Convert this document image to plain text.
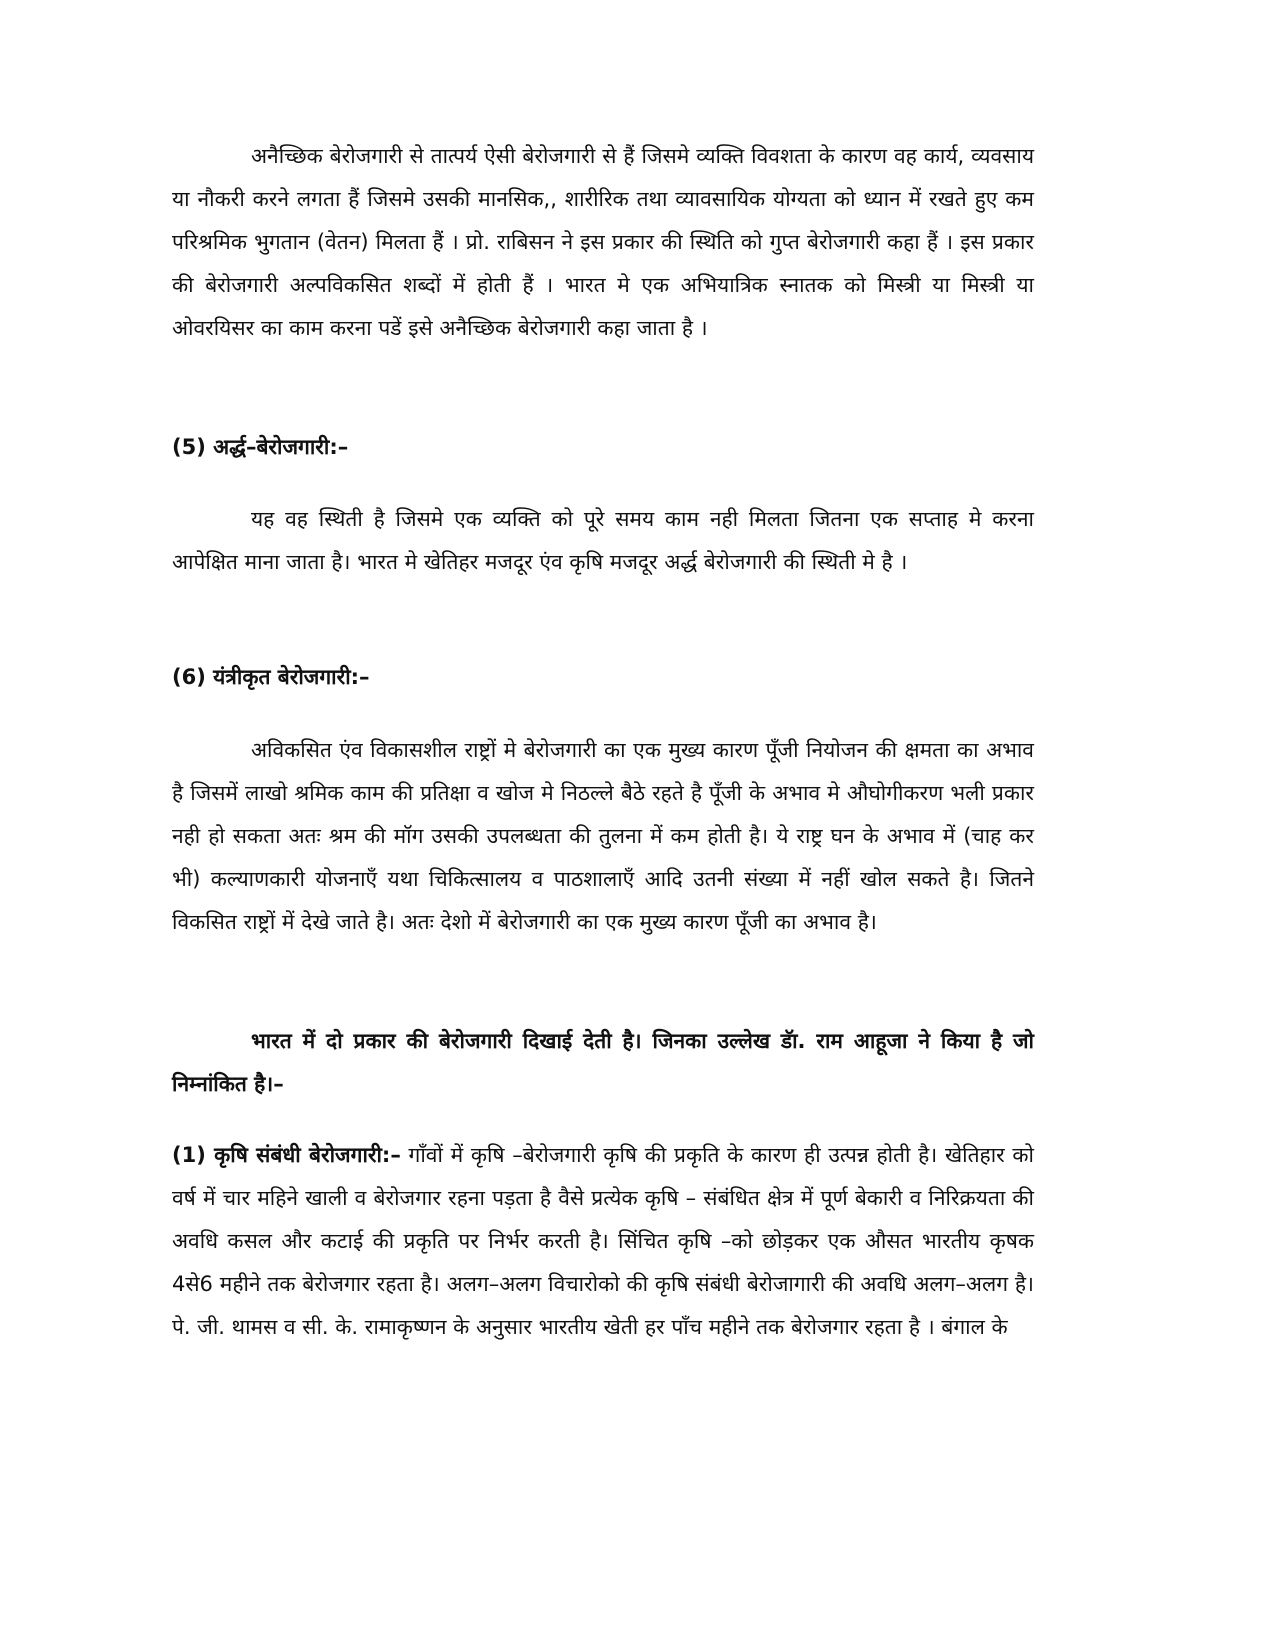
अनैच्छिक बेरोजगारी से तात्पर्य ऐसी बेरोजगारी से हैं जिसमे व्यक्ति विवशता के कारण वह कार्य, व्यवसाय या नौकरी करने लगता हैं जिसमे उसकी मानसिक,, शारीरिक तथा व्यावसायिक योग्यता को ध्यान में रखते हुए कम परिश्रमिक भुगतान (वेतन) मिलता हैं । प्रो. राबिसन ने इस प्रकार की स्थिति को गुप्त बेरोजगारी कहा हैं । इस प्रकार की बेरोजगारी अल्पविकसित शब्दों में होती हैं । भारत मे एक अभियात्रिक स्नातक को मिस्त्री या मिस्त्री या ओवरयिसर का काम करना पडें इसे अनैच्छिक बेरोजगारी कहा जाता है ।

(5) अर्द्ध–बेरोजगारी:–

यह वह स्थिती है जिसमे एक व्यक्ति को पूरे समय काम नही मिलता जितना एक सप्ताह मे करना आपेक्षित माना जाता है। भारत मे खेतिहर मजदूर एंव कृषि मजदूर अर्द्ध बेरोजगारी की स्थिती मे है ।

(6) यंत्रीकृत बेरोजगारी:–

अविकसित एंव विकासशील राष्ट्रों मे बेरोजगारी का एक मुख्य कारण पूँजी नियोजन की क्षमता का अभाव है जिसमें लाखो श्रमिक काम की प्रतिक्षा व खोज मे निठल्ले बैठे रहते है पूँजी के अभाव मे औघोगीकरण भली प्रकार नही हो सकता अतः श्रम की मॉग उसकी उपलब्धता की तुलना में कम होती है। ये राष्ट्र घन के अभाव में (चाह कर भी) कल्याणकारी योजनाएँ यथा चिकित्सालय व पाठशालाएँ आदि उतनी संख्या में नहीं खोल सकते है। जितने विकसित राष्ट्रों में देखे जाते है। अतः देशो में बेरोजगारी का एक मुख्य कारण पूँजी का अभाव है।

भारत में दो प्रकार की बेरोजगारी दिखाई देती है। जिनका उल्लेख डॅा. राम आहूजा ने किया है जो निम्नांकित है।–

(1) कृषि संबंधी बेरोजगारी:– गाँवों में कृषि –बेरोजगारी कृषि की प्रकृति के कारण ही उत्पन्न होती है। खेतिहार को वर्ष में चार महिने खाली व बेरोजगार रहना पड़ता है वैसे प्रत्येक कृषि – संबंधित क्षेत्र में पूर्ण बेकारी व निरिक्रयता की अवधि कसल और कटाई की प्रकृति पर निर्भर करती है। सिंचित कृषि –को छोड़कर एक औसत भारतीय कृषक 4से6 महीने तक बेरोजगार रहता है। अलग–अलग विचारोको की कृषि संबंधी बेरोजागारी की अवधि अलग–अलग है। पे. जी. थामस व सी. के. रामाकृष्णन के अनुसार भारतीय खेती हर पाँच महीने तक बेरोजगार रहता है । बंगाल के
